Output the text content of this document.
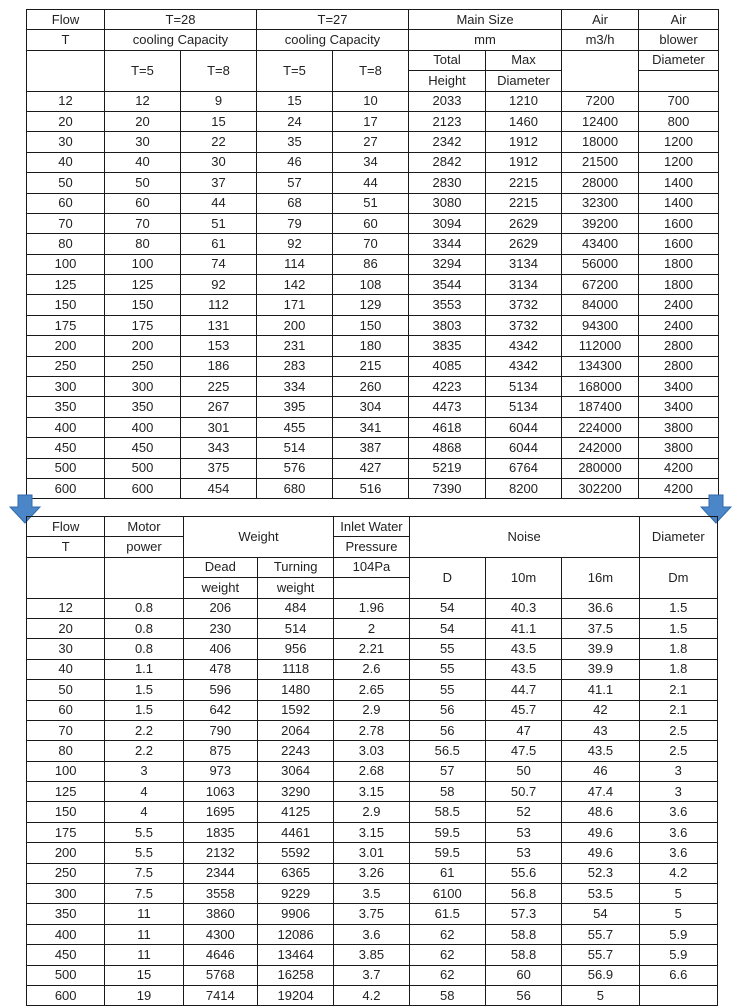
Flow	T=28		T=27		Main Size		Air	Air
T	cooling Capacity		cooling Capacity		mm		m3/h	blower
	T=5	T=8	T=5	T=8	Total	Max		Diameter
					Height	Diameter		
12	12	9	15	10	2033	1210	7200	700
20	20	15	24	17	2123	1460	12400	800
30	30	22	35	27	2342	1912	18000	1200
40	40	30	46	34	2842	1912	21500	1200
50	50	37	57	44	2830	2215	28000	1400
60	60	44	68	51	3080	2215	32300	1400
70	70	51	79	60	3094	2629	39200	1600
80	80	61	92	70	3344	2629	43400	1600
100	100	74	114	86	3294	3134	56000	1800
125	125	92	142	108	3544	3134	67200	1800
150	150	112	171	129	3553	3732	84000	2400
175	175	131	200	150	3803	3732	94300	2400
200	200	153	231	180	3835	4342	112000	2800
250	250	186	283	215	4085	4342	134300	2800
300	300	225	334	260	4223	5134	168000	3400
350	350	267	395	304	4473	5134	187400	3400
400	400	301	455	341	4618	6044	224000	3800
450	450	343	514	387	4868	6044	242000	3800
500	500	375	576	427	5219	6764	280000	4200
600	600	454	680	516	7390	8200	302200	4200
Flow	Motor	Weight		Inlet Water	Noise			Diameter
T	power			Pressure				
		Dead	Turning	104Pa	D	10m	16m	Dm
		weight	weight					
12	0.8	206	484	1.96	54	40.3	36.6	1.5
20	0.8	230	514	2	54	41.1	37.5	1.5
30	0.8	406	956	2.21	55	43.5	39.9	1.8
40	1.1	478	1118	2.6	55	43.5	39.9	1.8
50	1.5	596	1480	2.65	55	44.7	41.1	2.1
60	1.5	642	1592	2.9	56	45.7	42	2.1
70	2.2	790	2064	2.78	56	47	43	2.5
80	2.2	875	2243	3.03	56.5	47.5	43.5	2.5
100	3	973	3064	2.68	57	50	46	3
125	4	1063	3290	3.15	58	50.7	47.4	3
150	4	1695	4125	2.9	58.5	52	48.6	3.6
175	5.5	1835	4461	3.15	59.5	53	49.6	3.6
200	5.5	2132	5592	3.01	59.5	53	49.6	3.6
250	7.5	2344	6365	3.26	61	55.6	52.3	4.2
300	7.5	3558	9229	3.5	6100	56.8	53.5	5
350	11	3860	9906	3.75	61.5	57.3	54	5
400	11	4300	12086	3.6	62	58.8	55.7	5.9
450	11	4646	13464	3.85	62	58.8	55.7	5.9
500	15	5768	16258	3.7	62	60	56.9	6.6
600	19	7414	19204	4.2	58	56	5	
